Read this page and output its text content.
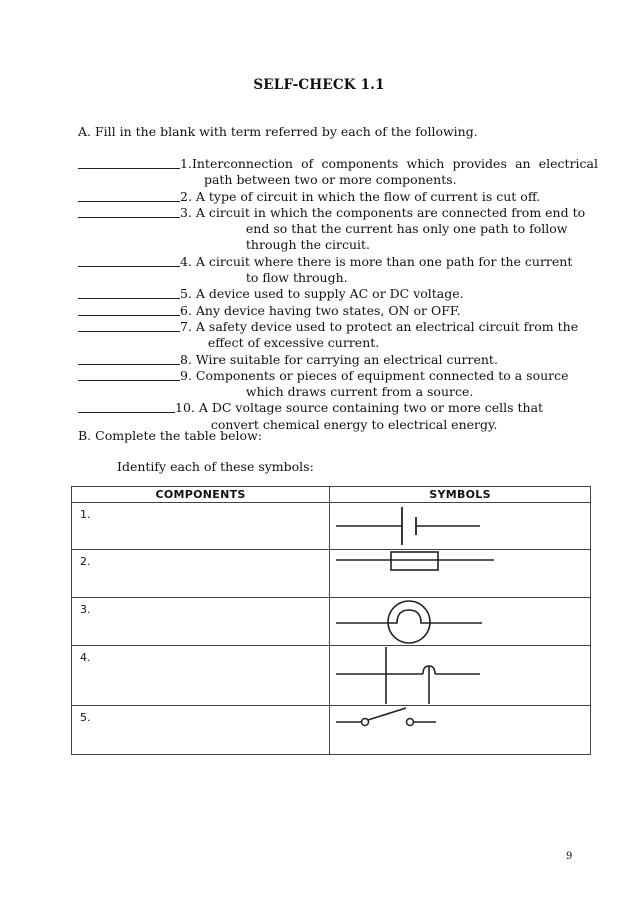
SELF-CHECK 1.1
A. Fill in the blank with term referred by each of the following.
1. Interconnection of components which provides an electrical
path between two or more components.
2. A type of circuit in which the flow of current is cut off.
3. A circuit in which the components are connected from end to
end so that the current has only one path to follow
through the circuit.
4. A circuit where there is more than one path for the current
to flow through.
5. A device used to supply AC or DC voltage.
6. Any device having two states, ON or OFF.
7. A safety device used to protect an electrical circuit from the
effect of excessive current.
8. Wire suitable for carrying an electrical current.
9. Components or pieces of equipment connected to a source
which draws current from a source.
10. A DC voltage source containing two or more cells that
convert chemical energy to electrical energy.
B. Complete the table below:
Identify each of these symbols:
COMPONENTS	SYMBOLS
1.	

2.	

3.	

4.	

5.	
9
